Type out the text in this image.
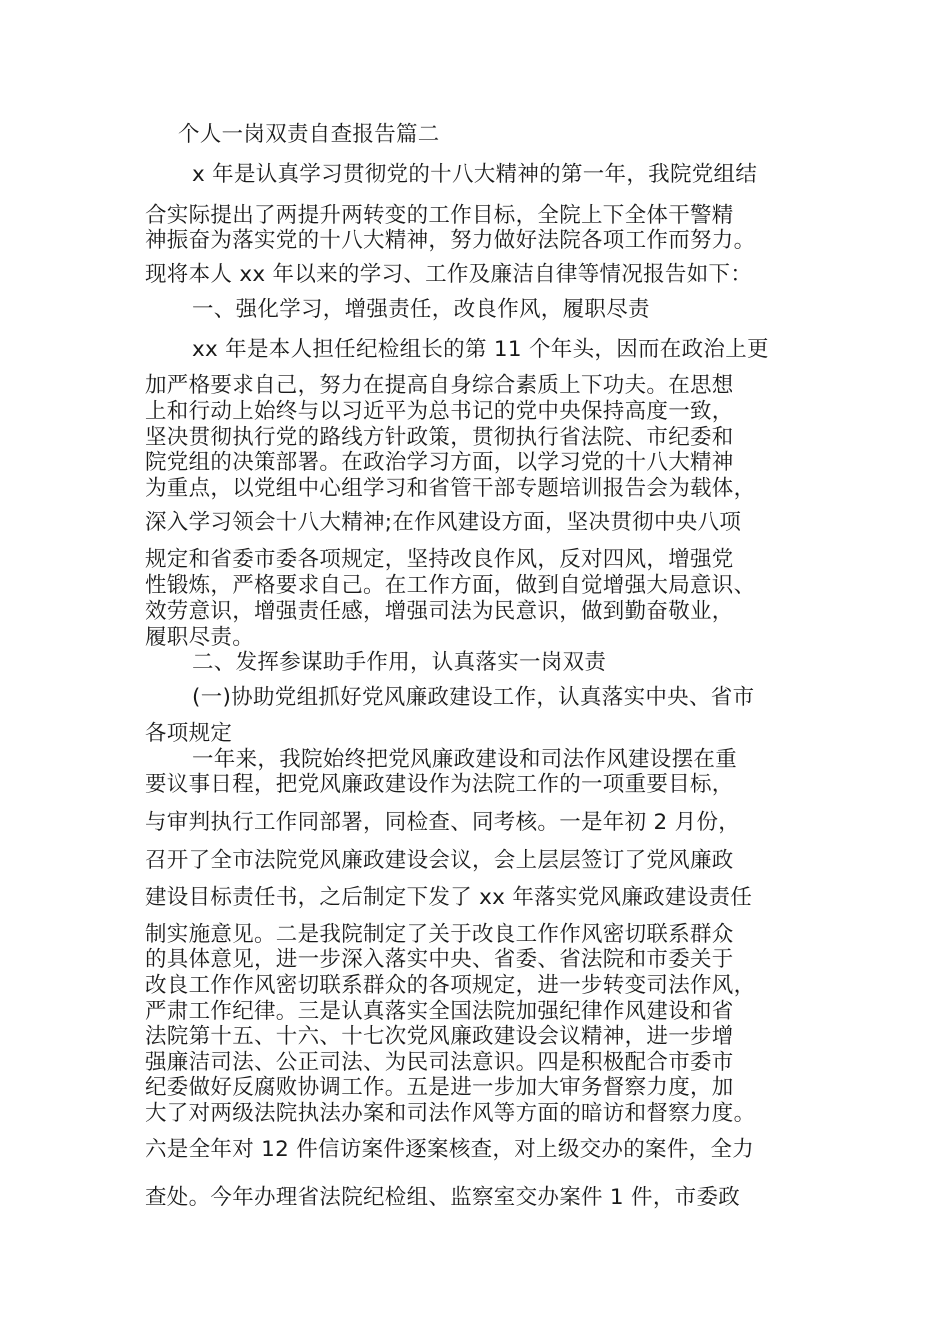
个人一岗双责自查报告篇二
x 年是认真学习贯彻党的十八大精神的第一年，我院党组结
合实际提出了两提升两转变的工作目标，全院上下全体干警精
神振奋为落实党的十八大精神，努力做好法院各项工作而努力。
现将本人 xx 年以来的学习、工作及廉洁自律等情况报告如下：
一、强化学习，增强责任，改良作风，履职尽责
xx 年是本人担任纪检组长的第 11 个年头，因而在政治上更
加严格要求自己，努力在提高自身综合素质上下功夫。在思想
上和行动上始终与以习近平为总书记的党中央保持高度一致，
坚决贯彻执行党的路线方针政策，贯彻执行省法院、市纪委和
院党组的决策部署。在政治学习方面，以学习党的十八大精神
为重点，以党组中心组学习和省管干部专题培训报告会为载体，
深入学习领会十八大精神;在作风建设方面，坚决贯彻中央八项
规定和省委市委各项规定，坚持改良作风，反对四风，增强党
性锻炼，严格要求自己。在工作方面，做到自觉增强大局意识、
效劳意识，增强责任感，增强司法为民意识，做到勤奋敬业，
履职尽责。
二、发挥参谋助手作用，认真落实一岗双责
(一)协助党组抓好党风廉政建设工作，认真落实中央、省市
各项规定
一年来，我院始终把党风廉政建设和司法作风建设摆在重
要议事日程，把党风廉政建设作为法院工作的一项重要目标，
与审判执行工作同部署，同检查、同考核。一是年初 2 月份，
召开了全市法院党风廉政建设会议，会上层层签订了党风廉政
建设目标责任书，之后制定下发了 xx 年落实党风廉政建设责任
制实施意见。二是我院制定了关于改良工作作风密切联系群众
的具体意见，进一步深入落实中央、省委、省法院和市委关于
改良工作作风密切联系群众的各项规定，进一步转变司法作风，
严肃工作纪律。三是认真落实全国法院加强纪律作风建设和省
法院第十五、十六、十七次党风廉政建设会议精神，进一步增
强廉洁司法、公正司法、为民司法意识。四是积极配合市委市
纪委做好反腐败协调工作。五是进一步加大审务督察力度，加
大了对两级法院执法办案和司法作风等方面的暗访和督察力度。
六是全年对 12 件信访案件逐案核查，对上级交办的案件，全力
查处。今年办理省法院纪检组、监察室交办案件 1 件，市委政
